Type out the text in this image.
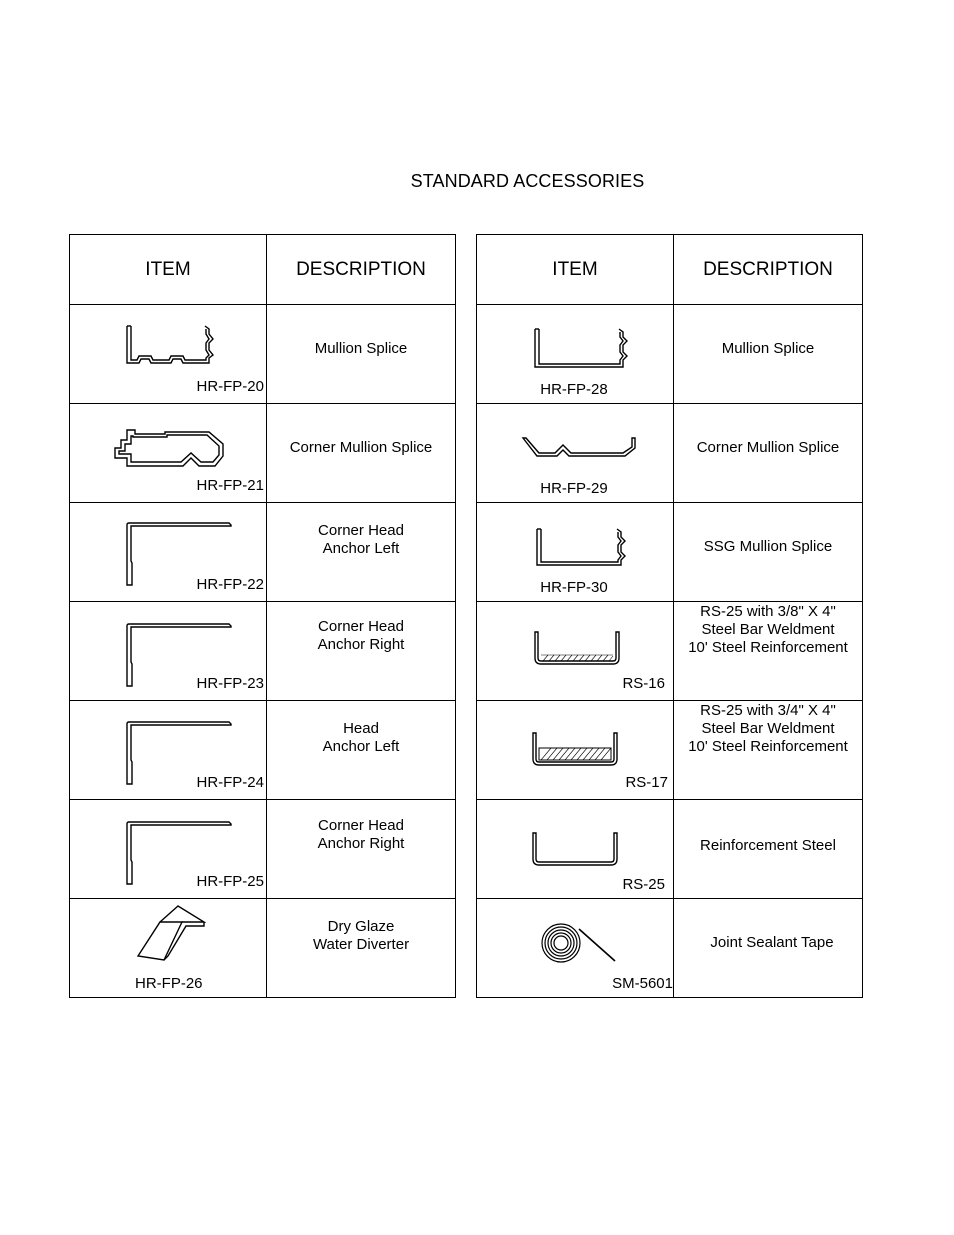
STANDARD ACCESSORIES
ITEM	DESCRIPTION

HR-FP-20	Mullion Splice

HR-FP-21	Corner Mullion Splice

HR-FP-22	Corner Head
Anchor Left

HR-FP-23	Corner Head
Anchor Right

HR-FP-24	Head
Anchor Left

HR-FP-25	Corner Head
Anchor Right

HR-FP-26	Dry Glaze
Water Diverter
ITEM	DESCRIPTION

HR-FP-28	Mullion Splice

HR-FP-29	Corner Mullion Splice

HR-FP-30	SSG Mullion Splice

RS-16	RS-25 with 3/8" X 4"
Steel Bar Weldment
10' Steel Reinforcement

RS-17	RS-25 with 3/4" X 4"
Steel Bar Weldment
10' Steel Reinforcement

RS-25	Reinforcement Steel

SM-5601	Joint Sealant Tape
